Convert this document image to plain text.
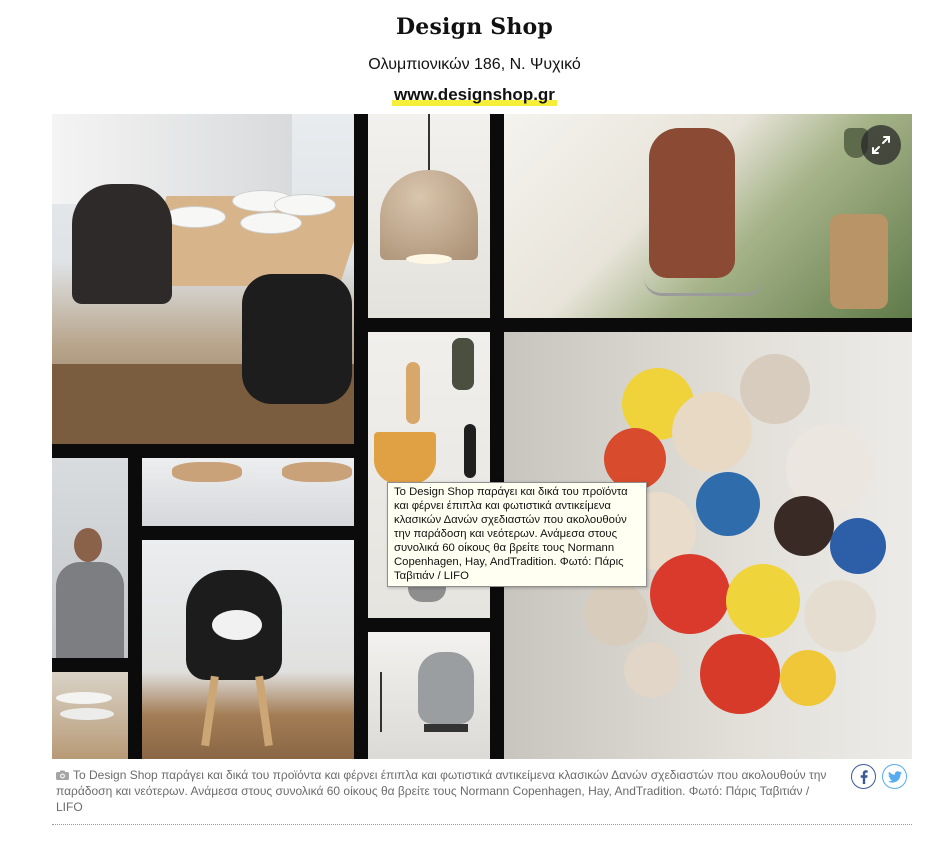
Design Shop
Ολυμπιονικών 186, Ν. Ψυχικό
www.designshop.gr
Το Design Shop παράγει και δικά του προϊόντα και φέρνει έπιπλα και φωτιστικά αντικείμενα κλασικών Δανών σχεδιαστών που ακολουθούν την παράδοση και νεότερων. Ανάμεσα στους συνολικά 60 οίκους θα βρείτε τους Normann Copenhagen, Hay, AndTradition. Φωτό: Πάρις Ταβιτιάν / LIFO
Το Design Shop παράγει και δικά του προϊόντα και φέρνει έπιπλα και φωτιστικά αντικείμενα κλασικών Δανών σχεδιαστών που ακολουθούν την παράδοση και νεότερων. Ανάμεσα στους συνολικά 60 οίκους θα βρείτε τους Normann Copenhagen, Hay, AndTradition. Φωτό: Πάρις Ταβιτιάν / LIFO
